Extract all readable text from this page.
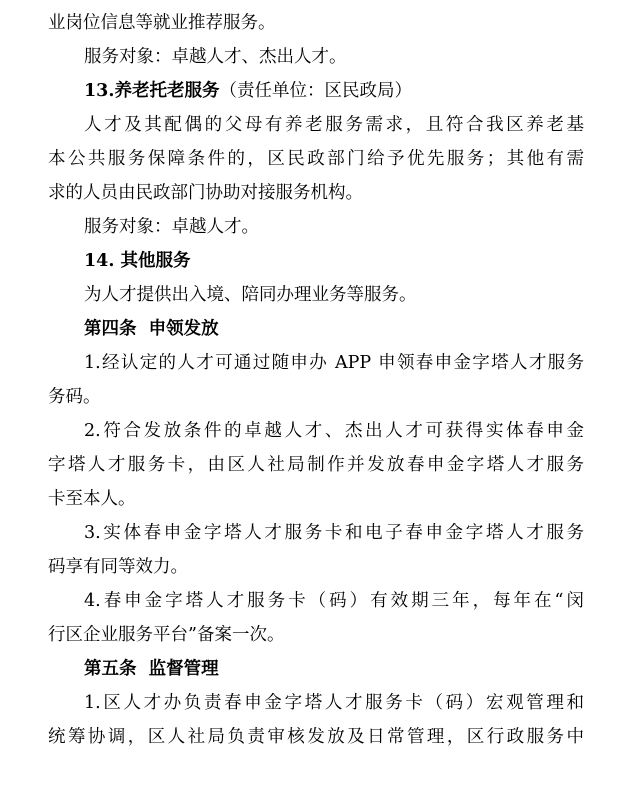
业岗位信息等就业推荐服务。
服务对象：卓越人才、杰出人才。
13.养老托老服务（责任单位：区民政局）
人才及其配偶的父母有养老服务需求，且符合我区养老基
本公共服务保障条件的，区民政部门给予优先服务；其他有需
求的人员由民政部门协助对接服务机构。
服务对象：卓越人才。
14. 其他服务
为人才提供出入境、陪同办理业务等服务。
第四条  申领发放
1.经认定的人才可通过随申办 APP 申领春申金字塔人才服务
务码。
2.符合发放条件的卓越人才、杰出人才可获得实体春申金
字塔人才服务卡，由区人社局制作并发放春申金字塔人才服务
卡至本人。
3.实体春申金字塔人才服务卡和电子春申金字塔人才服务
码享有同等效力。
4.春申金字塔人才服务卡（码）有效期三年，每年在“闵
行区企业服务平台”备案一次。
第五条  监督管理
1.区人才办负责春申金字塔人才服务卡（码）宏观管理和
统筹协调，区人社局负责审核发放及日常管理，区行政服务中
